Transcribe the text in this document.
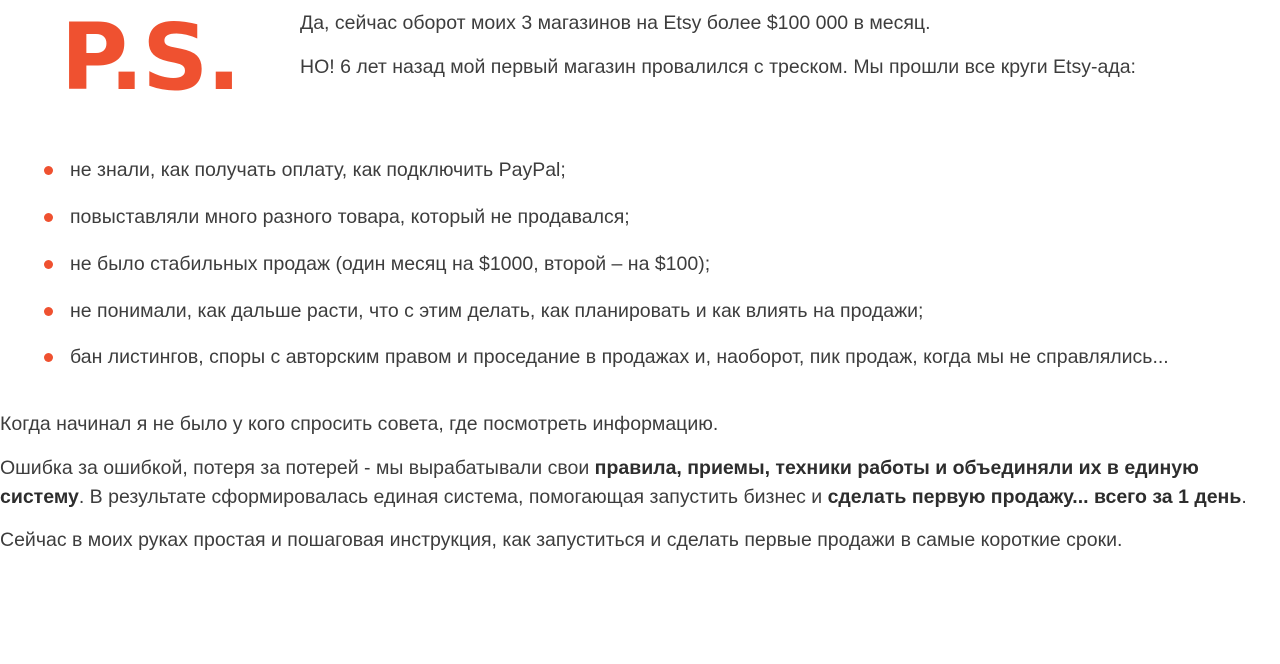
P.S.	Да, сейчас оборот моих 3 магазинов на Etsy более $100 000 в месяц.

НО! 6 лет назад мой первый магазин провалился с треском. Мы прошли все круги Etsy-ада:

не знали, как получать оплату, как подключить PayPal;
повыставляли много разного товара, который не продавался;
не было стабильных продаж (один месяц на $1000, второй – на $100);
не понимали, как дальше расти, что с этим делать, как планировать и как влиять на продажи;
бан листингов, споры с авторским правом и проседание в продажах и, наоборот, пик продаж, когда мы не справлялись...

Когда начинал я не было у кого спросить совета, где посмотреть информацию.

Ошибка за ошибкой, потеря за потерей - мы вырабатывали свои правила, приемы, техники работы и объединяли их в единую систему. В результате сформировалась единая система, помогающая запустить бизнес и сделать первую продажу... всего за 1 день.

Сейчас в моих руках простая и пошаговая инструкция, как запуститься и сделать первые продажи в самые короткие сроки.
